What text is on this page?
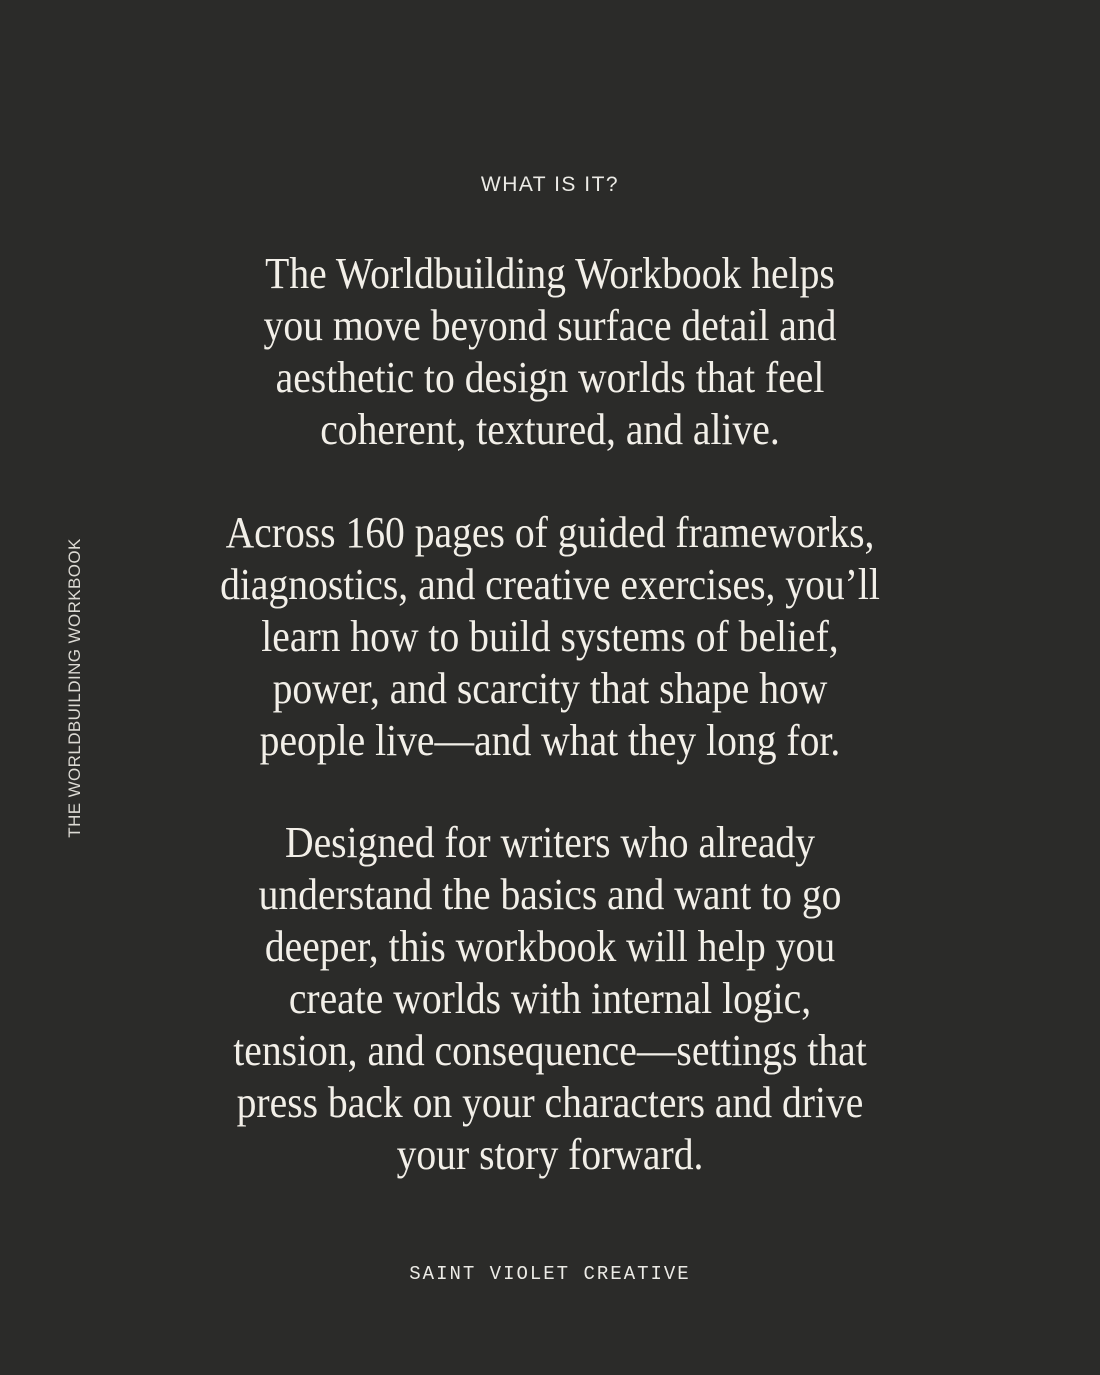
WHAT IS IT?
THE WORLDBUILDING WORKBOOK
The Worldbuilding Workbook helps
you move beyond surface detail and
aesthetic to design worlds that feel
coherent, textured, and alive.
Across 160 pages of guided frameworks,
diagnostics, and creative exercises, you’ll
learn how to build systems of belief,
power, and scarcity that shape how
people live—and what they long for.
Designed for writers who already
understand the basics and want to go
deeper, this workbook will help you
create worlds with internal logic,
tension, and consequence—settings that
press back on your characters and drive
your story forward.
SAINT VIOLET CREATIVE
